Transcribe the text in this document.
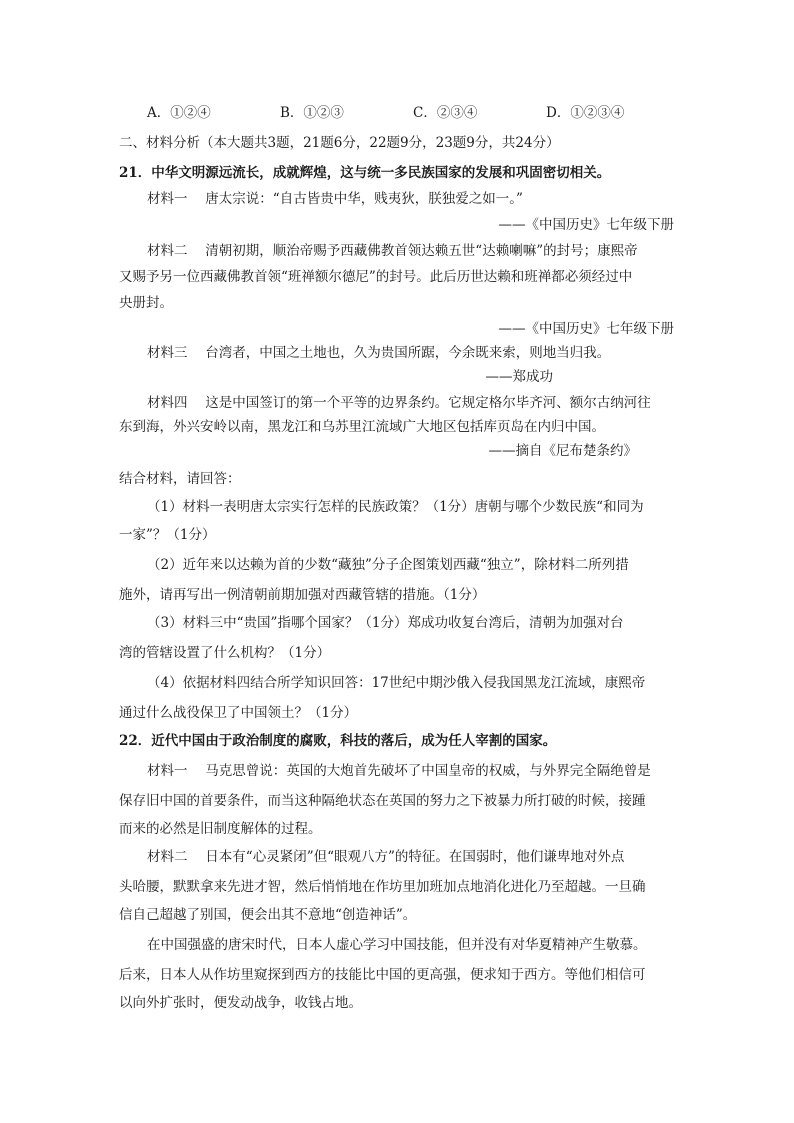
A．①②④	B．①②③	C．②③④	D．①②③④
二、材料分析（本大题共3题，21题6分，22题9分，23题9分，共24分）
21．中华文明源远流长，成就辉煌，这与统一多民族国家的发展和巩固密切相关。
材料一　 唐太宗说：“自古皆贵中华，贱夷狄，朕独爱之如一。”
——《中国历史》七年级下册
材料二　 清朝初期，顺治帝赐予西藏佛教首领达赖五世“达赖喇嘛”的封号；康熙帝
又赐予另一位西藏佛教首领“班禅额尔德尼”的封号。此后历世达赖和班禅都必须经过中
央册封。
——《中国历史》七年级下册
材料三　 台湾者，中国之土地也，久为贵国所踞，今余既来索，则地当归我。
——郑成功
材料四　 这是中国签订的第一个平等的边界条约。它规定格尔毕齐河、额尔古纳河往
东到海，外兴安岭以南，黑龙江和乌苏里江流域广大地区包括库页岛在内归中国。
——摘自《尼布楚条约》
结合材料，请回答：
（1）材料一表明唐太宗实行怎样的民族政策？（1分）唐朝与哪个少数民族“和同为
一家”？（1分）
（2）近年来以达赖为首的少数“藏独”分子企图策划西藏“独立”，除材料二所列措
施外，请再写出一例清朝前期加强对西藏管辖的措施。（1分）
（3）材料三中“贵国”指哪个国家？（1分）郑成功收复台湾后，清朝为加强对台
湾的管辖设置了什么机构？（1分）
（4）依据材料四结合所学知识回答：17世纪中期沙俄入侵我国黑龙江流域，康熙帝
通过什么战役保卫了中国领土？（1分）
22．近代中国由于政治制度的腐败，科技的落后，成为任人宰割的国家。
材料一　 马克思曾说：英国的大炮首先破坏了中国皇帝的权威，与外界完全隔绝曾是
保存旧中国的首要条件，而当这种隔绝状态在英国的努力之下被暴力所打破的时候，接踵
而来的必然是旧制度解体的过程。
材料二　 日本有“心灵紧闭”但“眼观八方”的特征。在国弱时，他们谦卑地对外点
头哈腰，默默拿来先进才智，然后悄悄地在作坊里加班加点地消化进化乃至超越。一旦确
信自己超越了别国，便会出其不意地“创造神话”。
在中国强盛的唐宋时代，日本人虚心学习中国技能，但并没有对华夏精神产生敬慕。
后来，日本人从作坊里窥探到西方的技能比中国的更高强，便求知于西方。等他们相信可
以向外扩张时，便发动战争，收钱占地。
